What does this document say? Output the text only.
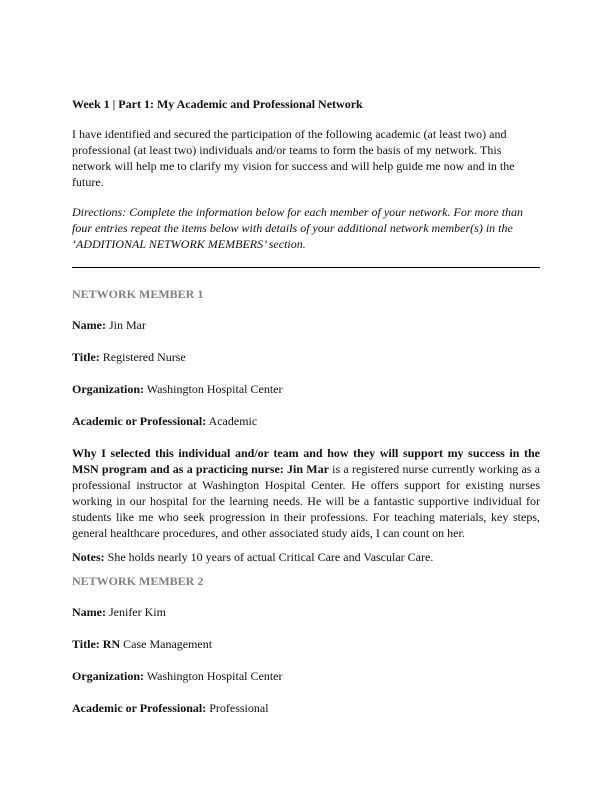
Week 1 | Part 1: My Academic and Professional Network

I have identified and secured the participation of the following academic (at least two) and professional (at least two) individuals and/or teams to form the basis of my network. This network will help me to clarify my vision for success and will help guide me now and in the future.

Directions: Complete the information below for each member of your network. For more than four entries repeat the items below with details of your additional network member(s) in the ‘ADDITIONAL NETWORK MEMBERS’ section.

NETWORK MEMBER 1

Name: Jin Mar

Title: Registered Nurse

Organization: Washington Hospital Center

Academic or Professional: Academic

Why I selected this individual and/or team and how they will support my success in the MSN program and as a practicing nurse: Jin Mar is a registered nurse currently working as a professional instructor at Washington Hospital Center. He offers support for existing nurses working in our hospital for the learning needs. He will be a fantastic supportive individual for students like me who seek progression in their professions. For teaching materials, key steps, general healthcare procedures, and other associated study aids, I can count on her.

Notes: She holds nearly 10 years of actual Critical Care and Vascular Care.

NETWORK MEMBER 2

Name: Jenifer Kim

Title: RN Case Management

Organization: Washington Hospital Center

Academic or Professional: Professional
